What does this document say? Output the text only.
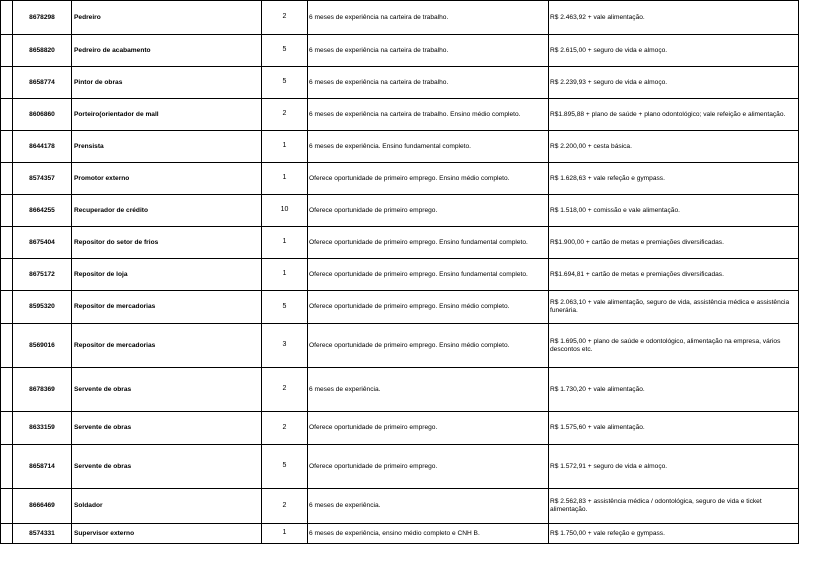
	8678298	Pedreiro	2	6 meses de experiência na carteira de trabalho.	R$ 2.463,92 + vale alimentação.
	8658820	Pedreiro de acabamento	5	6 meses de experiência na carteira de trabalho.	R$ 2.615,00 + seguro de vida e almoço.
	8658774	Pintor de obras	5	6 meses de experiência na carteira de trabalho.	R$ 2.239,93 + seguro de vida e almoço.
	8606860	Porteiro(orientador de mall	2	6 meses de experiência na carteira de trabalho. Ensino médio completo.	R$1.895,88 + plano de saúde + plano odontológico; vale refeição e alimentação.
	8644178	Prensista	1	6 meses de experiência. Ensino fundamental completo.	R$ 2.200,00 + cesta básica.
	8574357	Promotor externo	1	Oferece oportunidade de primeiro emprego. Ensino médio completo.	R$ 1.628,63 + vale refeção e gympass.
	8664255	Recuperador de crédito	10	Oferece oportunidade de primeiro emprego.	R$ 1.518,00 + comissão e vale alimentação.
	8675404	Repositor do setor de frios	1	Oferece oportunidade de primeiro emprego. Ensino fundamental completo.	R$1.900,00 + cartão de metas e premiações diversificadas.
	8675172	Repositor de loja	1	Oferece oportunidade de primeiro emprego. Ensino fundamental completo.	R$1.694,81 + cartão de metas e premiações diversificadas.
	8595320	Repositor de mercadorias	5	Oferece oportunidade de primeiro emprego. Ensino médio completo.	R$ 2.063,10 + vale alimentação, seguro de vida, assistência médica e assistência funerária.
	8569016	Repositor de mercadorias	3	Oferece oportunidade de primeiro emprego. Ensino médio completo.	R$ 1.695,00 + plano de saúde e odontológico, alimentação na empresa, vários descontos etc.
	8678369	Servente de obras	2	6 meses de experiência.	R$ 1.730,20 + vale alimentação.
	8633159	Servente de obras	2	Oferece oportunidade de primeiro emprego.	R$ 1.575,60 + vale alimentação.
	8658714	Servente de obras	5	Oferece oportunidade de primeiro emprego.	R$ 1.572,91 + seguro de vida e almoço.
	8666469	Soldador	2	6 meses de experiência.	R$ 2.562,83 + assistência médica / odontológica, seguro de vida e ticket alimentação.
	8574331	Supervisor externo	1	6 meses de experiência, ensino médio completo e CNH B.	R$ 1.750,00 + vale refeção e gympass.
